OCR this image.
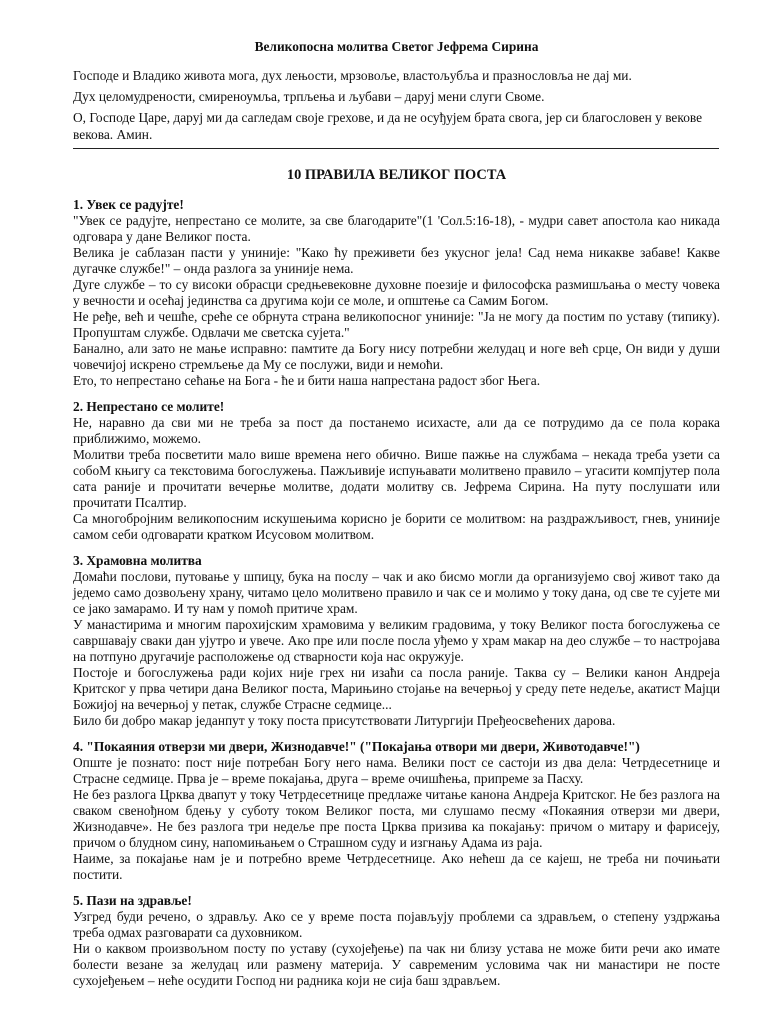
Великопосна молитва Светог Јефрема Сирина

Господе и Владико живота мога, дух лењости, мрзовоље, властољубља и празнословља не дај ми.

Дух целомудрености, смиреноумља, трпљења и љубави – даруј мени слуги Своме.

О, Господе Царе, даруј ми да сагледам своје грехове, и да не осуђујем брата свога, јер си благословен у векове векова. Амин.

10 ПРАВИЛА ВЕЛИКОГ ПОСТА

1. Увек се радујте!

"Увек се радујте, непрестано се молите, за све благодарите"(1 'Сол.5:16-18), - мудри савет апостола као никада одговара у дане Великог поста.

Велика је саблазан пасти у униније: "Како ћу преживети без укусног јела! Сад нема никакве забаве! Какве дугачке службе!" – онда разлога за униније нема.

Дуге службе – то су високи обрасци средњевековне духовне поезије и философска размишљања о месту човека у вечности и осећај јединства са другима који се моле, и општење са Самим Богом.

Не ређе, већ и чешће, среће се обрнута страна великопосног униније: "Ја не могу да постим по уставу (типику). Пропуштам службе. Одвлачи ме светска сујета."

Банално, али зато не мање исправно: памтите да Богу нису потребни желудац и ноге већ срце, Он види у души човечијој искрено стремљење да Му се послужи, види и немоћи.

Ето, то непрестано сећање на Бога - ће и бити наша напрестана радост због Њега.

2. Непрестано се молите!

Не, наравно да сви ми не треба за пост да постанемо исихасте, али да се потрудимо да се пола корака приближимо, можемо.

Молитви треба посветити мало више времена него обично. Више пажње на службама – некада треба узети са собоМ књигу са текстовима богослужења. Пажљивије испуњавати молитвено правило – угасити компјутер пола сата раније и прочитати вечерње молитве, додати молитву св. Јефрема Сирина. На путу послушати или прочитати Псалтир.

Са многобројним великопосним искушењима корисно је борити се молитвом: на раздражљивост, гнев, униније самом себи одговарати кратком Исусовом молитвом.

3. Храмовна молитва

Домаћи послови, путовање у шпицу, бука на послу – чак и ако бисмо могли да организујемо свој живот тако да једемо само дозвољену храну, читамо цело молитвено правило и чак се и молимо у току дана, од све те сујете ми се јако замарамо. И ту нам у помоћ притиче храм.

У манастирима и многим парохијским храмовима у великим градовима, у току Великог поста богослужења се савршавају сваки дан ујутро и увече. Ако пре или после посла уђемо у храм макар на део службе – то настројава на потпуно другачије расположење од стварности која нас окружује.

Постоје и богослужења ради којих није грех ни изаћи са посла раније. Таква су – Велики канон Андреја Критског у прва четири дана Великог поста, Марињино стојање на вечерњој у среду пете недеље, акатист Мајци Божијој на вечерњој у петак, службе Страсне седмице...

Било би добро макар једанпут у току поста присутствовати Литургији Пређеосвећених дарова.

4. "Покаяния отверзи ми двери, Жизнодавче!" ("Покајања отвори ми двери, Животодавче!")

Опште је познато: пост није потребан Богу него нама. Велики пост се састоји из два дела: Четрдесетнице и Страсне седмице. Прва је – време покајања, друга – време очишћења, припреме за Пасху.

Не без разлога Црква двапут у току Четрдесетнице предлаже читање канона Андреја Критског. Не без разлога на сваком свенођном бдењу у суботу током Великог поста, ми слушамо песму «Покаяния отверзи ми двери, Жизнодавче». Не без разлога три недеље пре поста Црква призива ка покајању: причом о митару и фарисеју, причом о блудном сину, напомињањем о Страшном суду и изгнању Адама из раја.

Наиме, за покајање нам је и потребно време Четрдесетнице. Ако нећеш да се кајеш, не треба ни почињати постити.

5. Пази на здравље!

Узгред буди речено, о здрављу. Ако се у време поста појављују проблеми са здрављем, о степену уздржања треба одмах разговарати са духовником.

Ни о каквом произвољном посту по уставу (сухојеђење) па чак ни близу устава не може бити речи ако имате болести везане за желудац или размену материја. У савременим условима чак ни манастири не посте сухојеђењем – неће осудити Господ ни радника који не сија баш здрављем.
